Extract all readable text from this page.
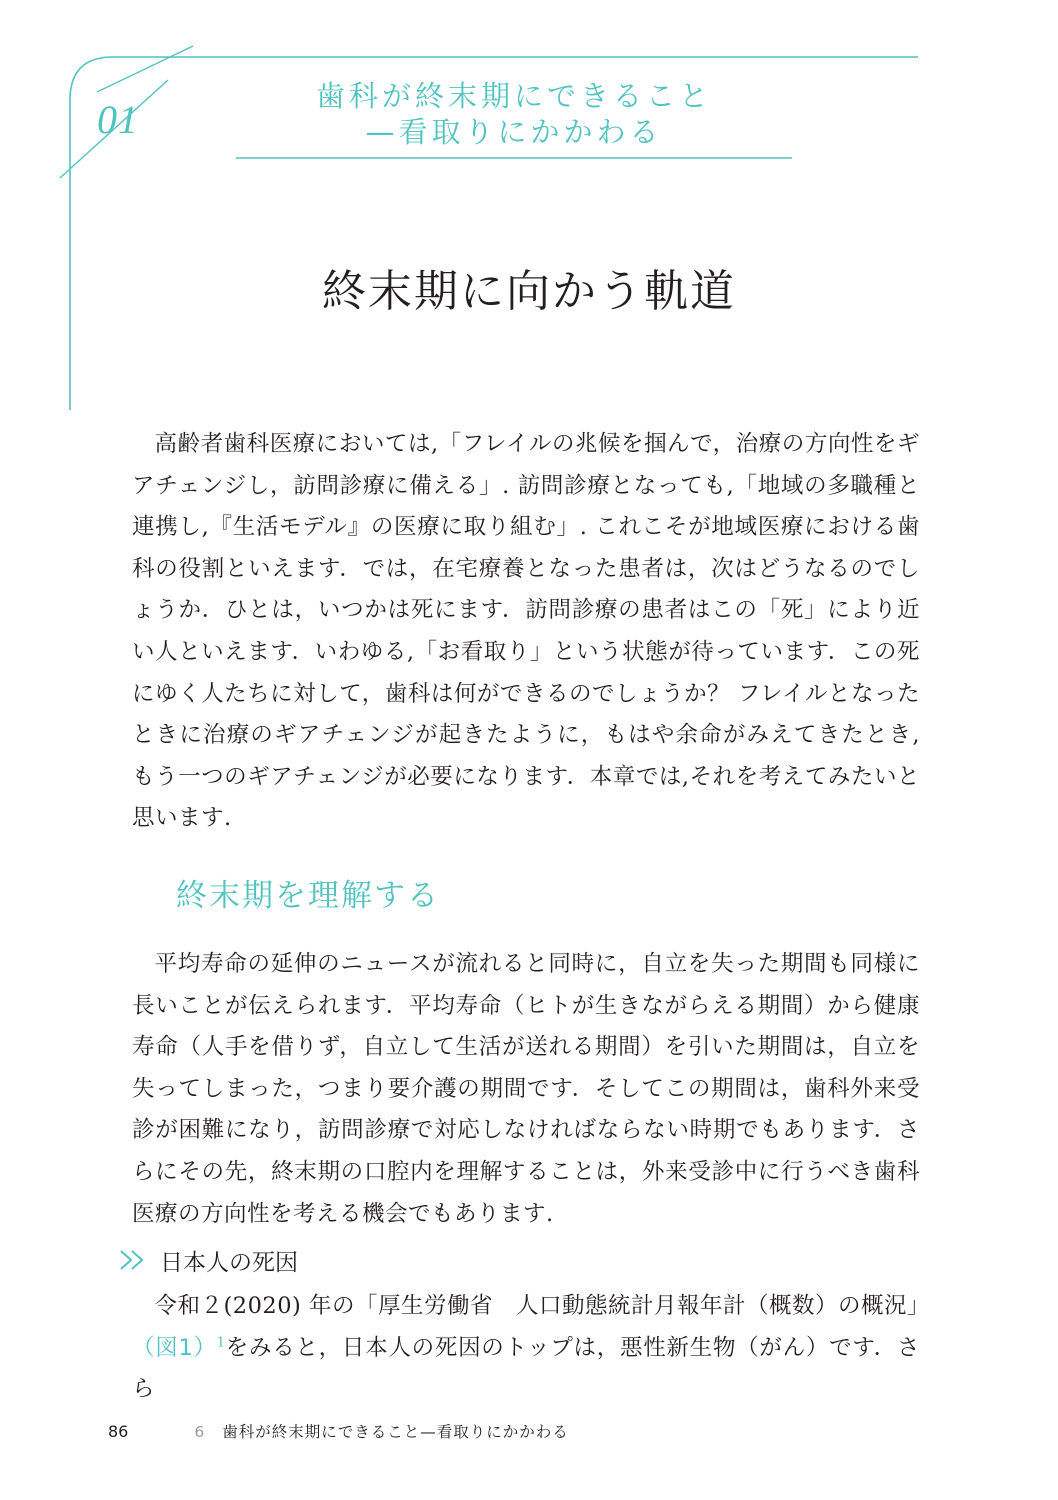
01
歯科が終末期にできること
—看取りにかかわる
終末期に向かう軌道

高齢者歯科医療においては,「フレイルの兆候を掴んで，治療の方向性をギアチェンジし，訪問診療に備える」. 訪問診療となっても,「地域の多職種と連携し,『生活モデル』の医療に取り組む」. これこそが地域医療における歯科の役割といえます．では，在宅療養となった患者は，次はどうなるのでしょうか．ひとは，いつかは死にます．訪問診療の患者はこの「死」により近い人といえます．いわゆる,「お看取り」という状態が待っています．この死にゆく人たちに対して，歯科は何ができるのでしょうか？ フレイルとなったときに治療のギアチェンジが起きたように，もはや余命がみえてきたとき,もう一つのギアチェンジが必要になります．本章では,それを考えてみたいと思います.

終末期を理解する

平均寿命の延伸のニュースが流れると同時に，自立を失った期間も同様に長いことが伝えられます．平均寿命（ヒトが生きながらえる期間）から健康寿命（人手を借りず，自立して生活が送れる期間）を引いた期間は，自立を失ってしまった，つまり要介護の期間です．そしてこの期間は，歯科外来受診が困難になり，訪問診療で対応しなければならない時期でもあります．さらにその先，終末期の口腔内を理解することは，外来受診中に行うべき歯科医療の方向性を考える機会でもあります.

日本人の死因

令和２(2020) 年の「厚生労働省　人口動態統計月報年計（概数）の概況」（図1）$^1$をみると，日本人の死因のトップは，悪性新生物（がん）です．さら

86	6 歯科が終末期にできること—看取りにかかわる
